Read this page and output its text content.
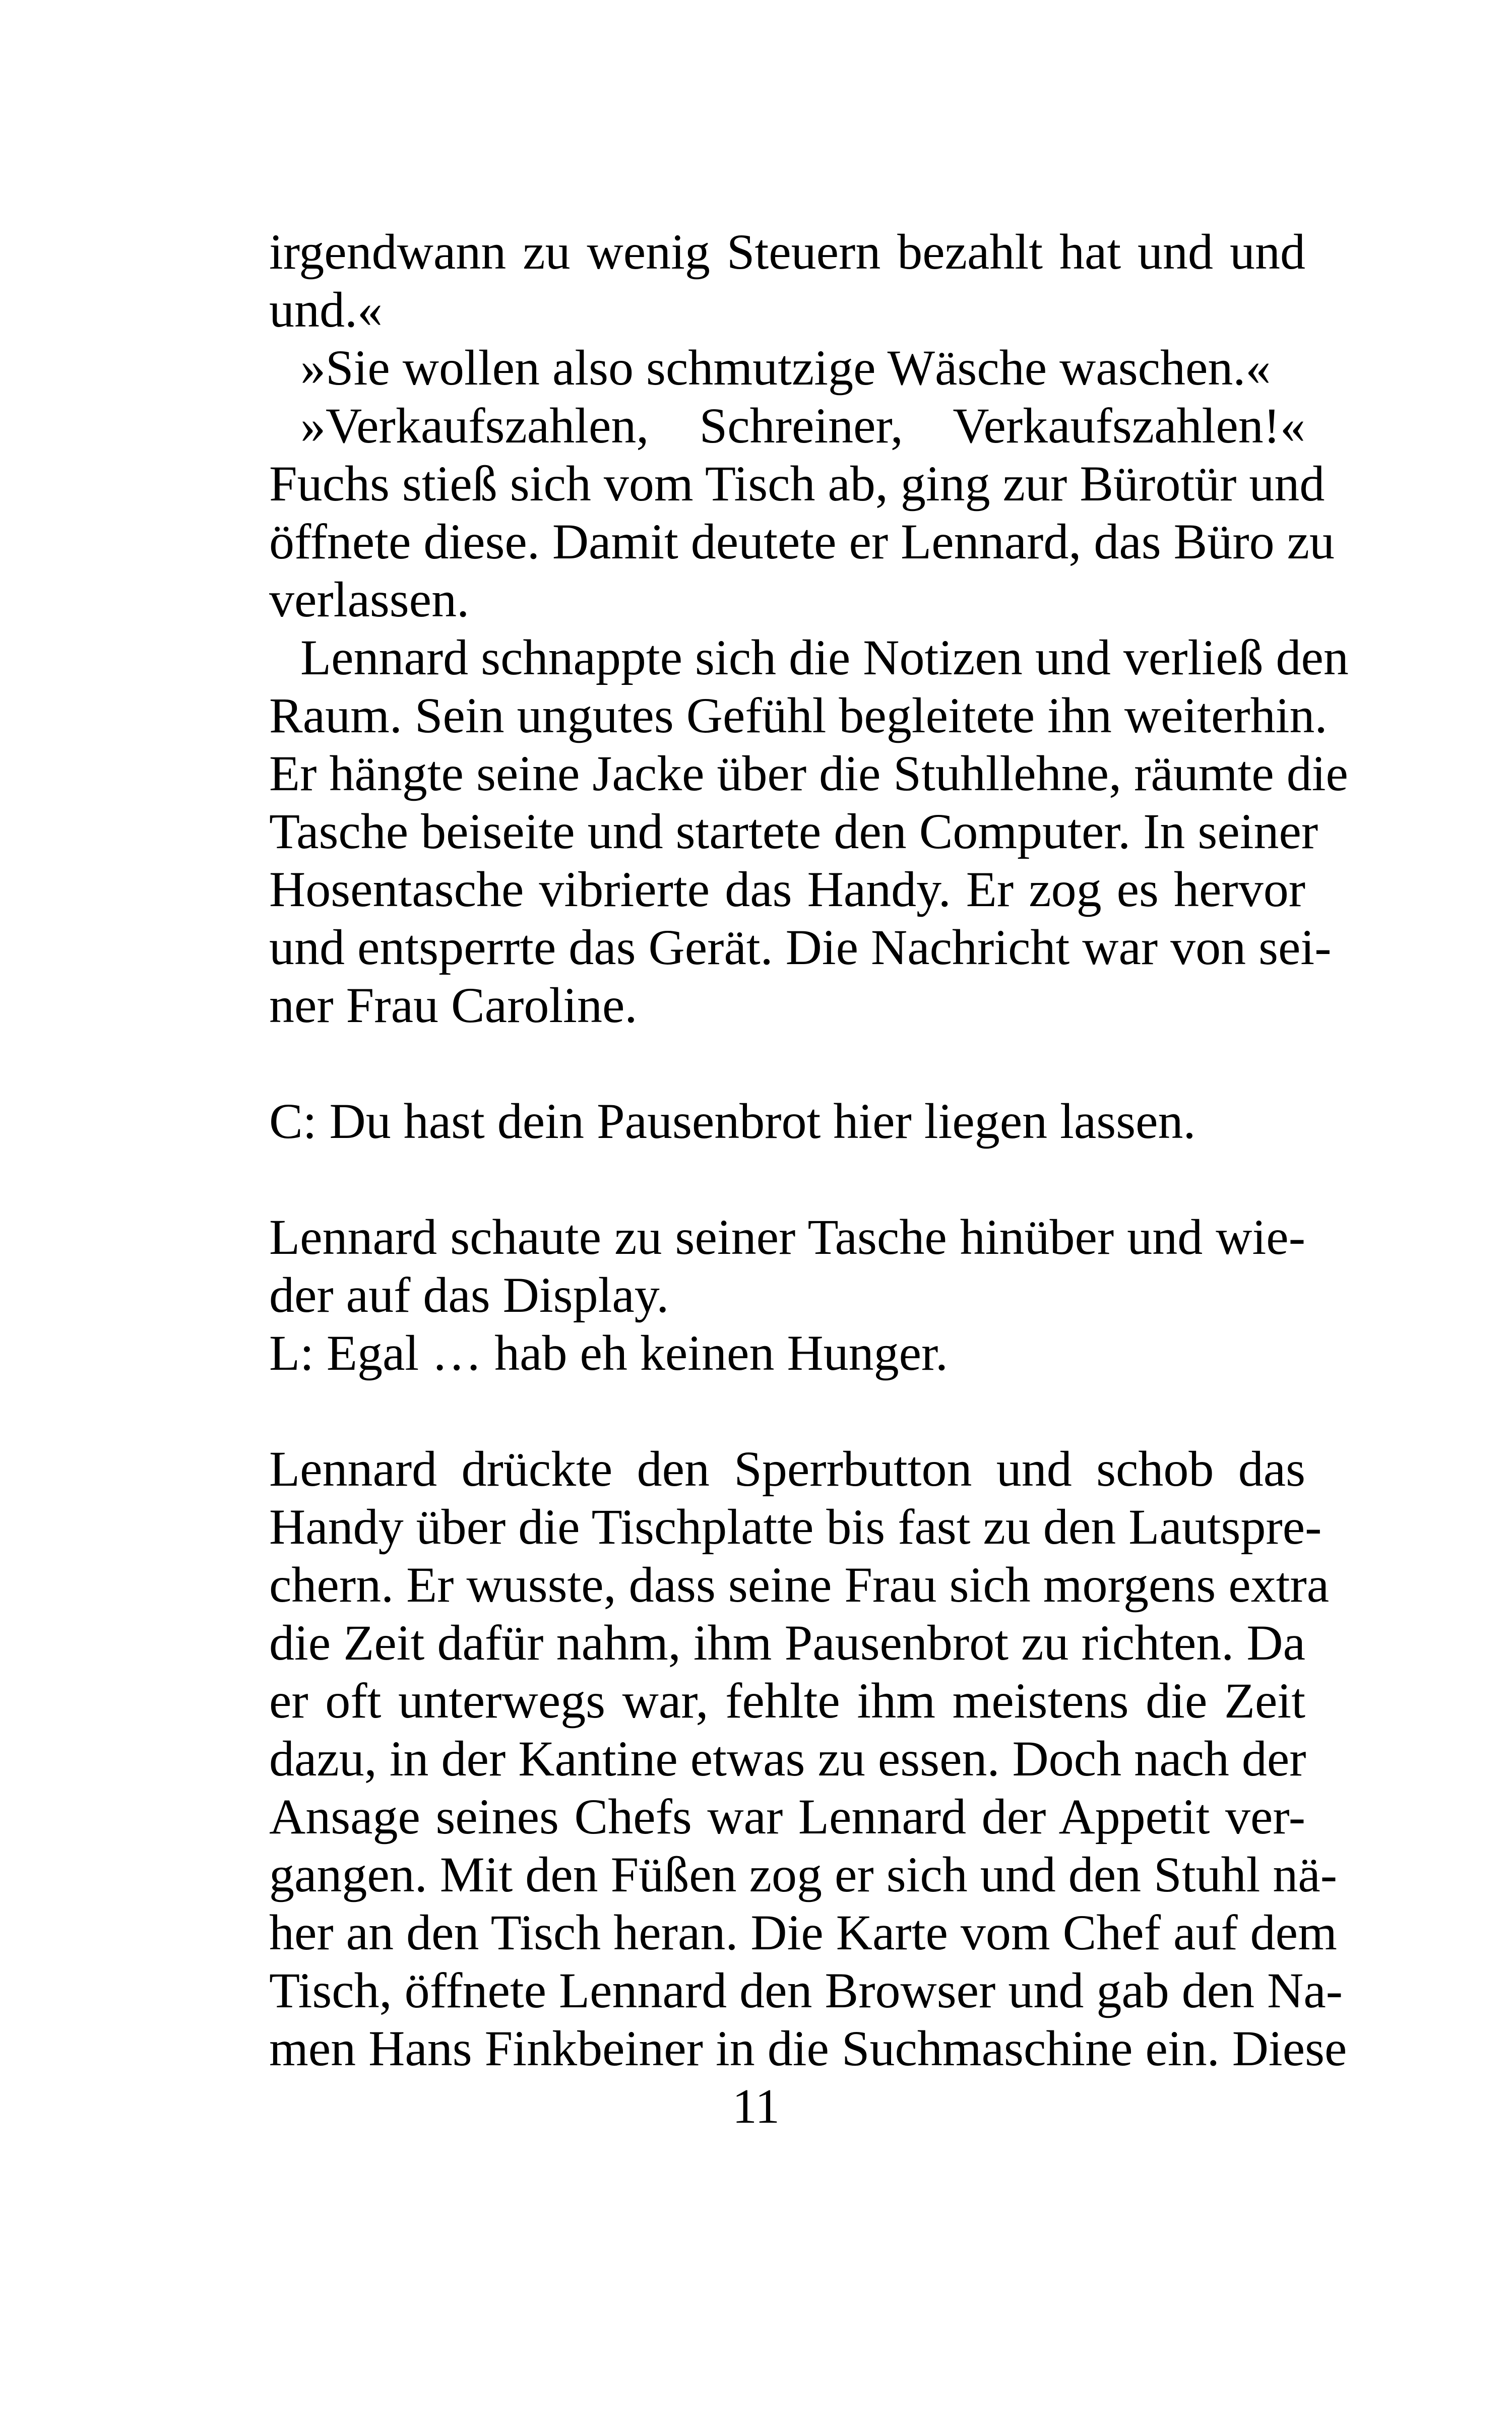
irgendwann zu wenig Steuern bezahlt hat und und
und.«
»Sie wollen also schmutzige Wäsche waschen.«
»Verkaufszahlen, Schreiner, Verkaufszahlen!«
Fuchs stieß sich vom Tisch ab, ging zur Bürotür und
öffnete diese. Damit deutete er Lennard, das Büro zu
verlassen.
Lennard schnappte sich die Notizen und verließ den
Raum. Sein ungutes Gefühl begleitete ihn weiterhin.
Er hängte seine Jacke über die Stuhllehne, räumte die
Tasche beiseite und startete den Computer. In seiner
Hosentasche vibrierte das Handy. Er zog es hervor
und entsperrte das Gerät. Die Nachricht war von sei-
ner Frau Caroline.
C: Du hast dein Pausenbrot hier liegen lassen.
Lennard schaute zu seiner Tasche hinüber und wie-
der auf das Display.
L: Egal … hab eh keinen Hunger.
Lennard drückte den Sperrbutton und schob das
Handy über die Tischplatte bis fast zu den Lautspre-
chern. Er wusste, dass seine Frau sich morgens extra
die Zeit dafür nahm, ihm Pausenbrot zu richten. Da
er oft unterwegs war, fehlte ihm meistens die Zeit
dazu, in der Kantine etwas zu essen. Doch nach der
Ansage seines Chefs war Lennard der Appetit ver-
gangen. Mit den Füßen zog er sich und den Stuhl nä-
her an den Tisch heran. Die Karte vom Chef auf dem
Tisch, öffnete Lennard den Browser und gab den Na-
men Hans Finkbeiner in die Suchmaschine ein. Diese
11
